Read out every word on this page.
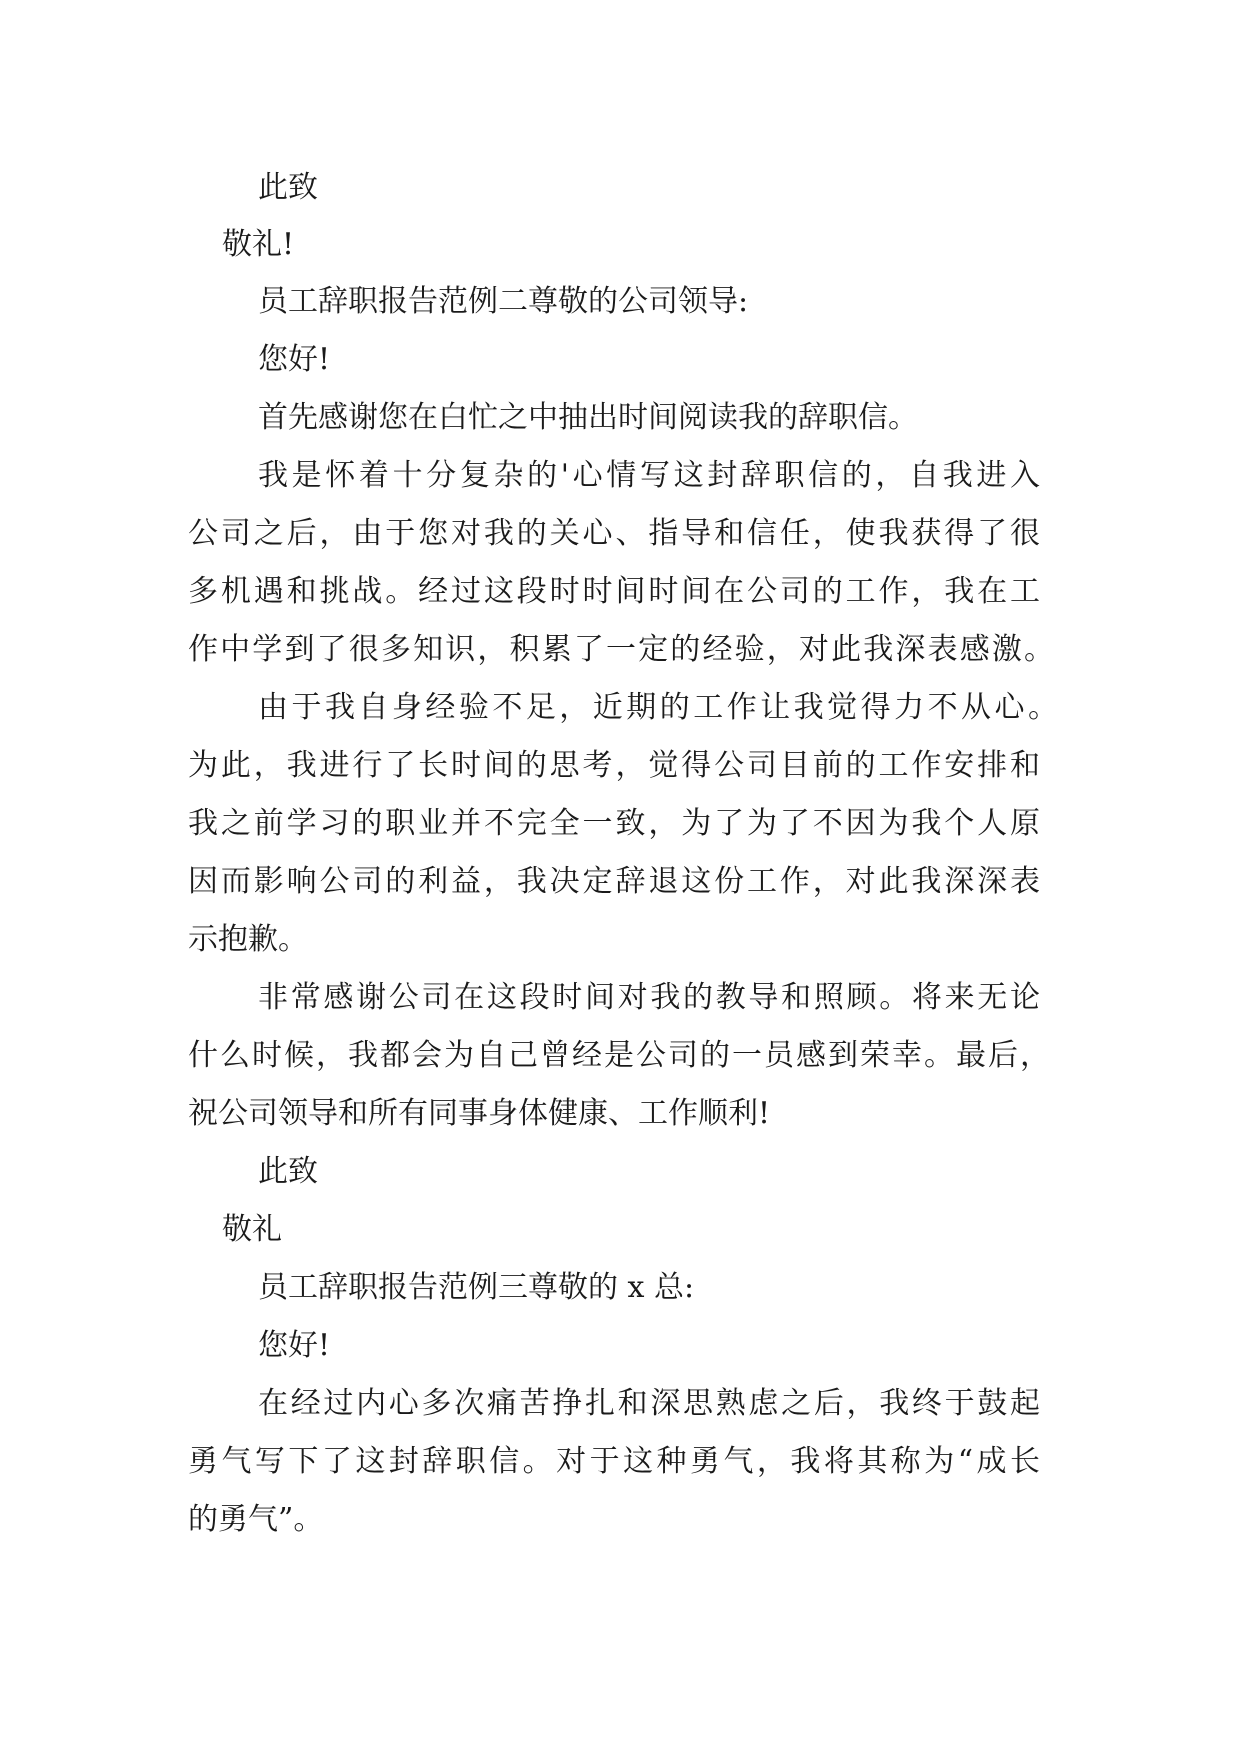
此致

敬礼!

员工辞职报告范例二尊敬的公司领导:

您好!

首先感谢您在白忙之中抽出时间阅读我的辞职信。

我是怀着十分复杂的'心情写这封辞职信的，自我进入

公司之后，由于您对我的关心、指导和信任，使我获得了很

多机遇和挑战。经过这段时时间时间在公司的工作，我在工

作中学到了很多知识，积累了一定的经验，对此我深表感激。

由于我自身经验不足，近期的工作让我觉得力不从心。

为此，我进行了长时间的思考，觉得公司目前的工作安排和

我之前学习的职业并不完全一致，为了为了不因为我个人原

因而影响公司的利益，我决定辞退这份工作，对此我深深表

示抱歉。

非常感谢公司在这段时间对我的教导和照顾。将来无论

什么时候，我都会为自己曾经是公司的一员感到荣幸。最后，

祝公司领导和所有同事身体健康、工作顺利!

此致

敬礼

员工辞职报告范例三尊敬的 x 总:

您好!

在经过内心多次痛苦挣扎和深思熟虑之后，我终于鼓起

勇气写下了这封辞职信。对于这种勇气，我将其称为“成长

的勇气”。
